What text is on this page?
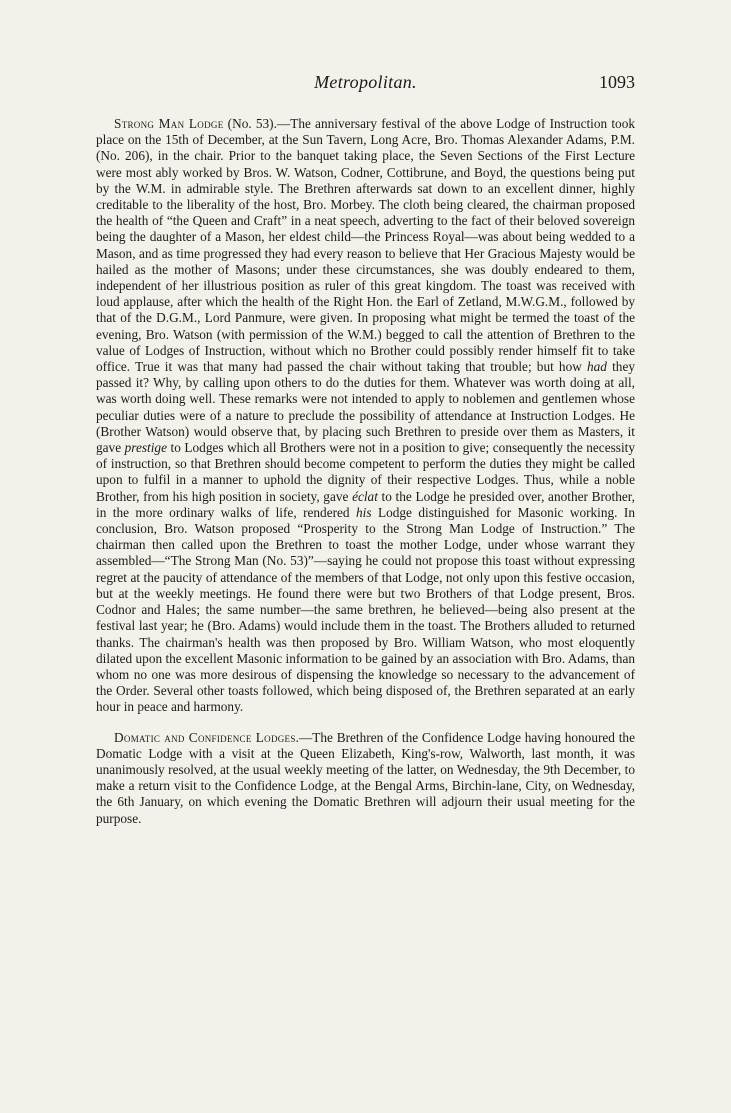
Metropolitan.	1093

Strong Man Lodge (No. 53).—The anniversary festival of the above Lodge of Instruction took place on the 15th of December, at the Sun Tavern, Long Acre, Bro. Thomas Alexander Adams, P.M. (No. 206), in the chair. Prior to the banquet taking place, the Seven Sections of the First Lecture were most ably worked by Bros. W. Watson, Codner, Cottibrune, and Boyd, the questions being put by the W.M. in admirable style. The Brethren afterwards sat down to an excellent dinner, highly creditable to the liberality of the host, Bro. Morbey. The cloth being cleared, the chairman proposed the health of “the Queen and Craft” in a neat speech, adverting to the fact of their beloved sovereign being the daughter of a Mason, her eldest child—the Princess Royal—was about being wedded to a Mason, and as time progressed they had every reason to believe that Her Gracious Majesty would be hailed as the mother of Masons; under these circumstances, she was doubly endeared to them, independent of her illustrious position as ruler of this great kingdom. The toast was received with loud applause, after which the health of the Right Hon. the Earl of Zetland, M.W.G.M., followed by that of the D.G.M., Lord Panmure, were given. In proposing what might be termed the toast of the evening, Bro. Watson (with permission of the W.M.) begged to call the attention of Brethren to the value of Lodges of Instruction, without which no Brother could possibly render himself fit to take office. True it was that many had passed the chair without taking that trouble; but how had they passed it? Why, by calling upon others to do the duties for them. Whatever was worth doing at all, was worth doing well. These remarks were not intended to apply to noblemen and gentlemen whose peculiar duties were of a nature to preclude the possibility of attendance at Instruction Lodges. He (Brother Watson) would observe that, by placing such Brethren to preside over them as Masters, it gave prestige to Lodges which all Brothers were not in a position to give; consequently the necessity of instruction, so that Brethren should become competent to perform the duties they might be called upon to fulfil in a manner to uphold the dignity of their respective Lodges. Thus, while a noble Brother, from his high position in society, gave éclat to the Lodge he presided over, another Brother, in the more ordinary walks of life, rendered his Lodge distinguished for Masonic working. In conclusion, Bro. Watson proposed “Prosperity to the Strong Man Lodge of Instruction.” The chairman then called upon the Brethren to toast the mother Lodge, under whose warrant they assembled—“The Strong Man (No. 53)”—saying he could not propose this toast without expressing regret at the paucity of attendance of the members of that Lodge, not only upon this festive occasion, but at the weekly meetings. He found there were but two Brothers of that Lodge present, Bros. Codnor and Hales; the same number—the same brethren, he believed—being also present at the festival last year; he (Bro. Adams) would include them in the toast. The Brothers alluded to returned thanks. The chairman's health was then proposed by Bro. William Watson, who most eloquently dilated upon the excellent Masonic information to be gained by an association with Bro. Adams, than whom no one was more desirous of dispensing the knowledge so necessary to the advancement of the Order. Several other toasts followed, which being disposed of, the Brethren separated at an early hour in peace and harmony.

Domatic and Confidence Lodges.—The Brethren of the Confidence Lodge having honoured the Domatic Lodge with a visit at the Queen Elizabeth, King's-row, Walworth, last month, it was unanimously resolved, at the usual weekly meeting of the latter, on Wednesday, the 9th December, to make a return visit to the Confidence Lodge, at the Bengal Arms, Birchin-lane, City, on Wednesday, the 6th January, on which evening the Domatic Brethren will adjourn their usual meeting for the purpose.
